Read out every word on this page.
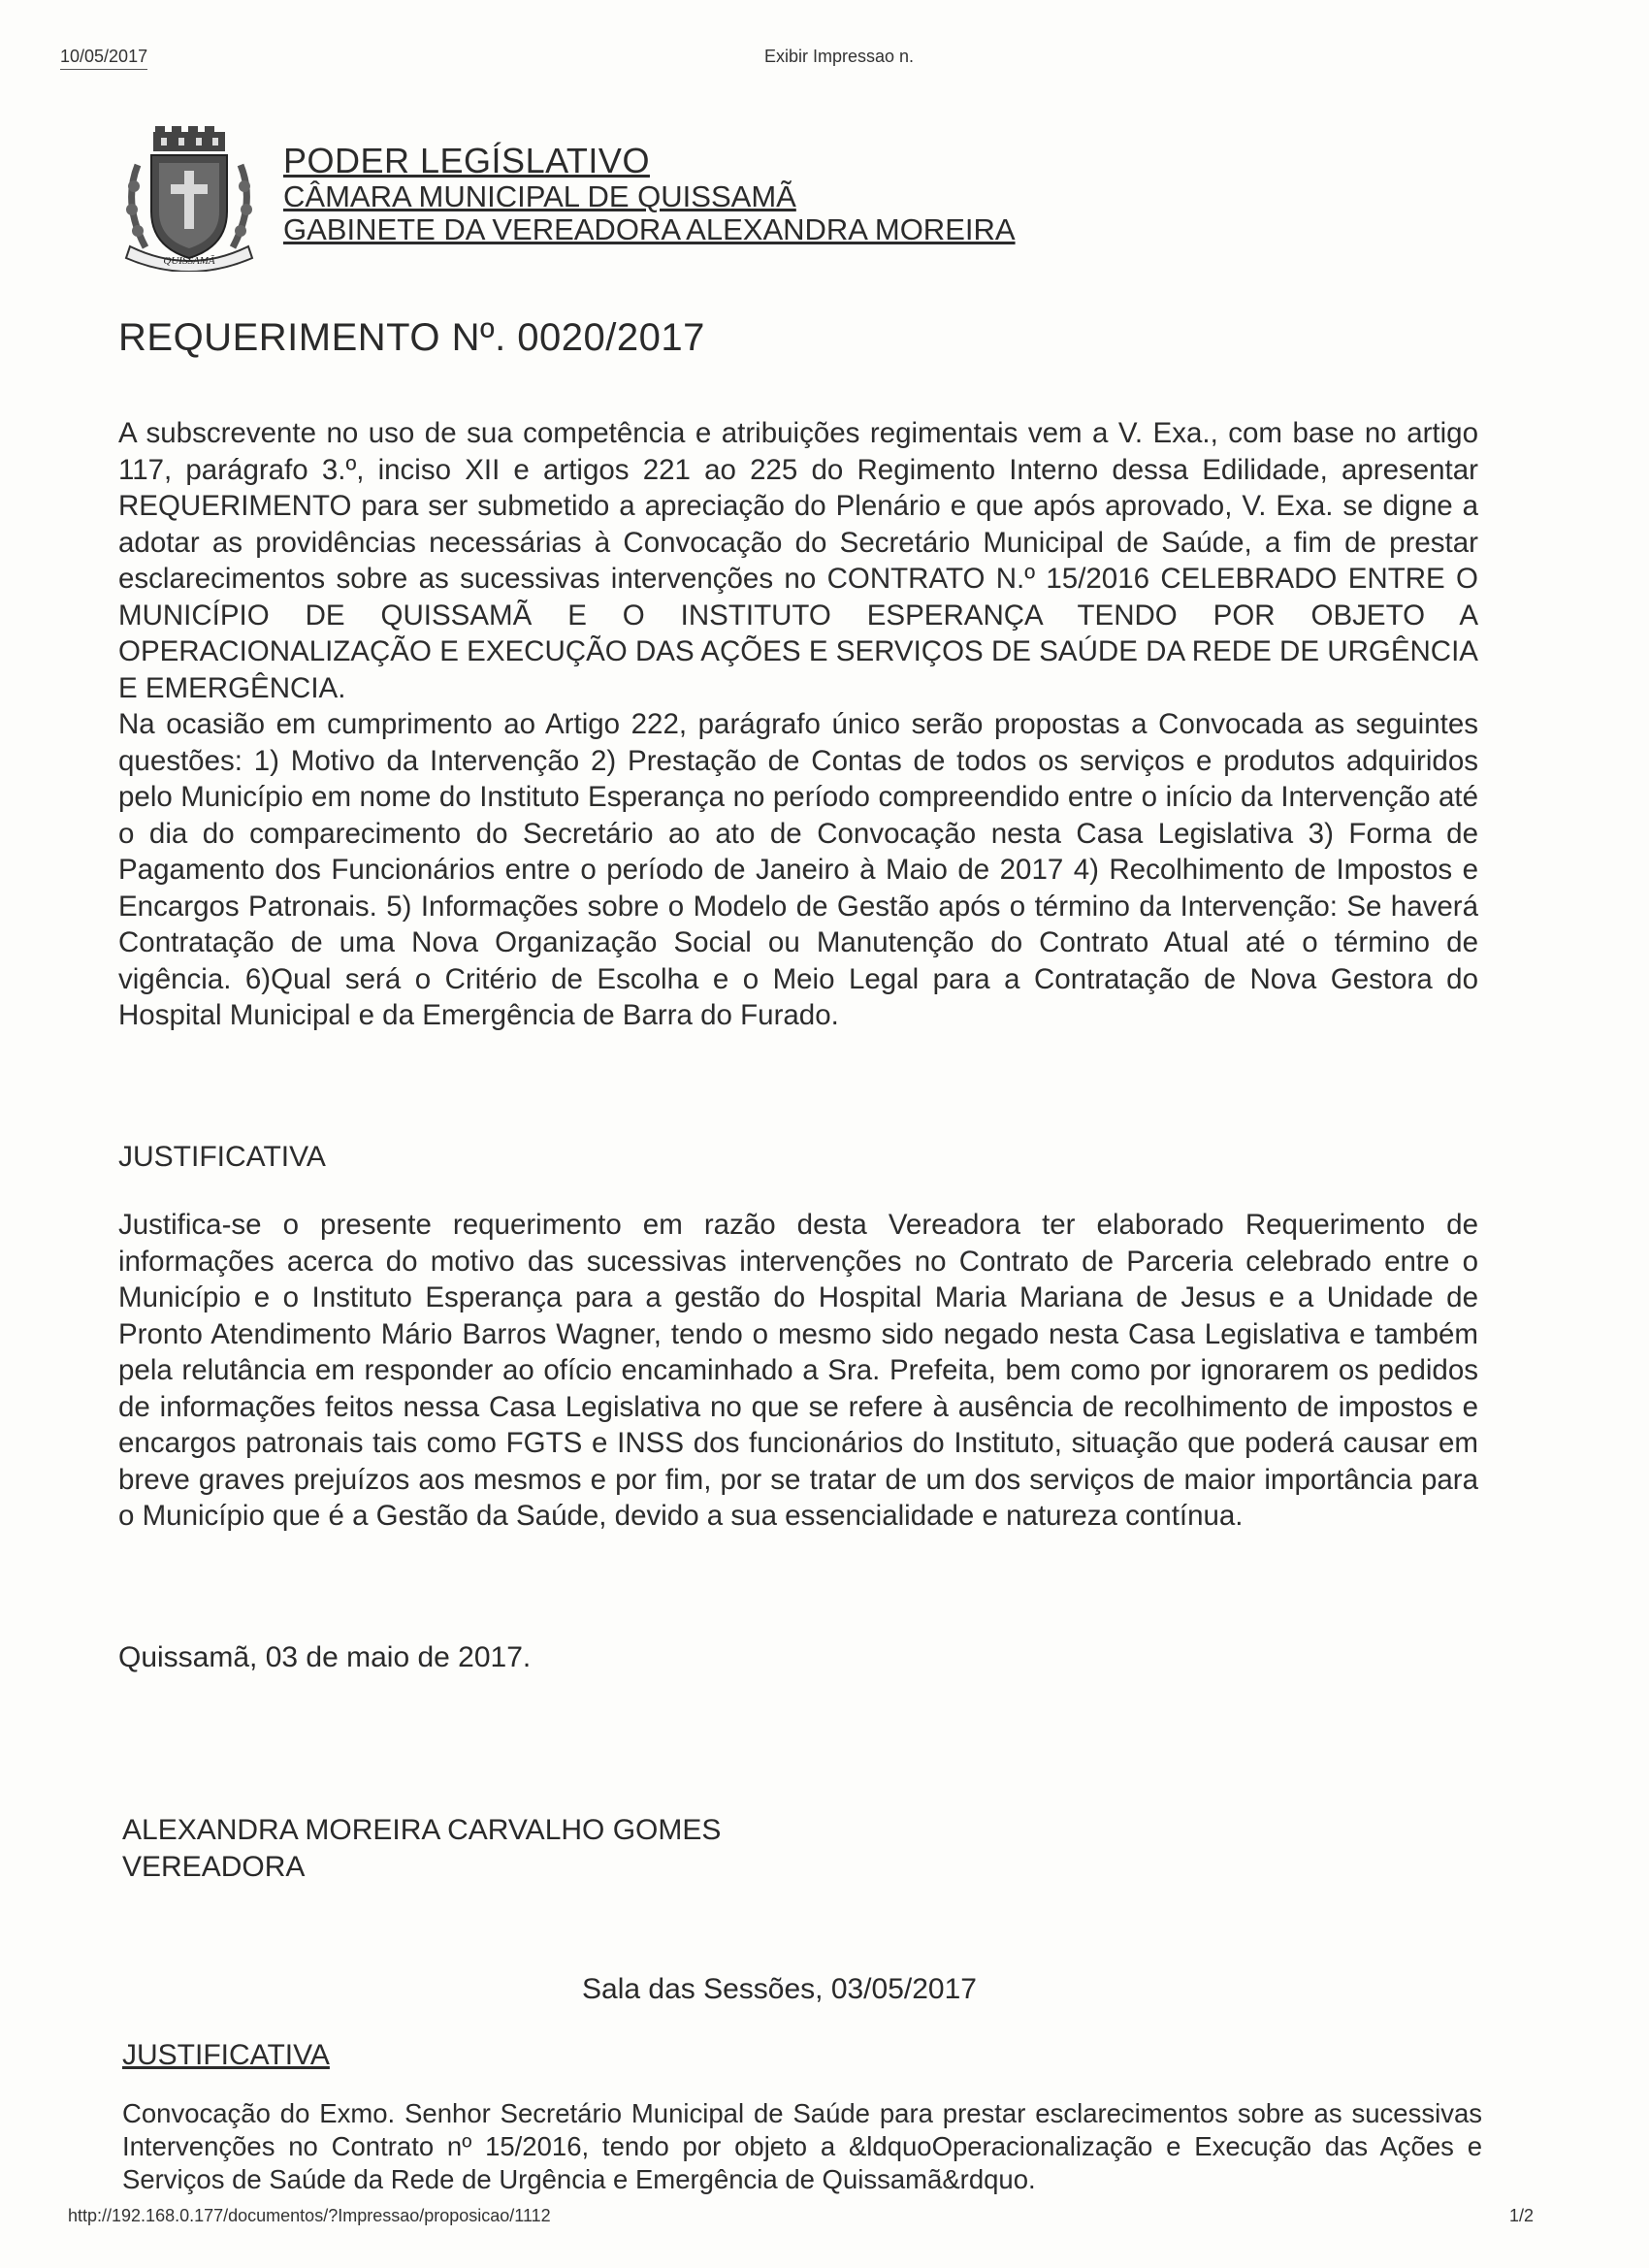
10/05/2017	Exibir Impressao n.
QUISSAMÃ
PODER LEGÍSLATIVO
CÂMARA MUNICIPAL DE QUISSAMÃ
GABINETE DA VEREADORA ALEXANDRA MOREIRA
REQUERIMENTO Nº. 0020/2017

A subscrevente no uso de sua competência e atribuições regimentais vem a V. Exa., com base no artigo 117, parágrafo 3.º, inciso XII e artigos 221 ao 225 do Regimento Interno dessa Edilidade, apresentar REQUERIMENTO para ser submetido a apreciação do Plenário e que após aprovado, V. Exa. se digne a adotar as providências necessárias à Convocação do Secretário Municipal de Saúde, a fim de prestar esclarecimentos sobre as sucessivas intervenções no CONTRATO N.º 15/2016 CELEBRADO ENTRE O MUNICÍPIO DE QUISSAMÃ E O INSTITUTO ESPERANÇA TENDO POR OBJETO A OPERACIONALIZAÇÃO E EXECUÇÃO DAS AÇÕES E SERVIÇOS DE SAÚDE DA REDE DE URGÊNCIA E EMERGÊNCIA.

Na ocasião em cumprimento ao Artigo 222, parágrafo único serão propostas a Convocada as seguintes questões: 1) Motivo da Intervenção 2) Prestação de Contas de todos os serviços e produtos adquiridos pelo Município em nome do Instituto Esperança no período compreendido entre o início da Intervenção até o dia do comparecimento do Secretário ao ato de Convocação nesta Casa Legislativa 3) Forma de Pagamento dos Funcionários entre o período de Janeiro à Maio de 2017 4) Recolhimento de Impostos e Encargos Patronais. 5) Informações sobre o Modelo de Gestão após o término da Intervenção: Se haverá Contratação de uma Nova Organização Social ou Manutenção do Contrato Atual até o término de vigência. 6)Qual será o Critério de Escolha e o Meio Legal para a Contratação de Nova Gestora do Hospital Municipal e da Emergência de Barra do Furado.

JUSTIFICATIVA

Justifica-se o presente requerimento em razão desta Vereadora ter elaborado Requerimento de informações acerca do motivo das sucessivas intervenções no Contrato de Parceria celebrado entre o Município e o Instituto Esperança para a gestão do Hospital Maria Mariana de Jesus e a Unidade de Pronto Atendimento Mário Barros Wagner, tendo o mesmo sido negado nesta Casa Legislativa e também pela relutância em responder ao ofício encaminhado a Sra. Prefeita, bem como por ignorarem os pedidos de informações feitos nessa Casa Legislativa no que se refere à ausência de recolhimento de impostos e encargos patronais tais como FGTS e INSS dos funcionários do Instituto, situação que poderá causar em breve graves prejuízos aos mesmos e por fim, por se tratar de um dos serviços de maior importância para o Município que é a Gestão da Saúde, devido a sua essencialidade e natureza contínua.

Quissamã, 03 de maio de 2017.
ALEXANDRA MOREIRA CARVALHO GOMES
VEREADORA
Sala das Sessões, 03/05/2017
JUSTIFICATIVA

Convocação do Exmo. Senhor Secretário Municipal de Saúde para prestar esclarecimentos sobre as sucessivas Intervenções no Contrato nº 15/2016, tendo por objeto a &ldquoOperacionalização e Execução das Ações e Serviços de Saúde da Rede de Urgência e Emergência de Quissamã&rdquo.

http://192.168.0.177/documentos/?Impressao/proposicao/1112	1/2
